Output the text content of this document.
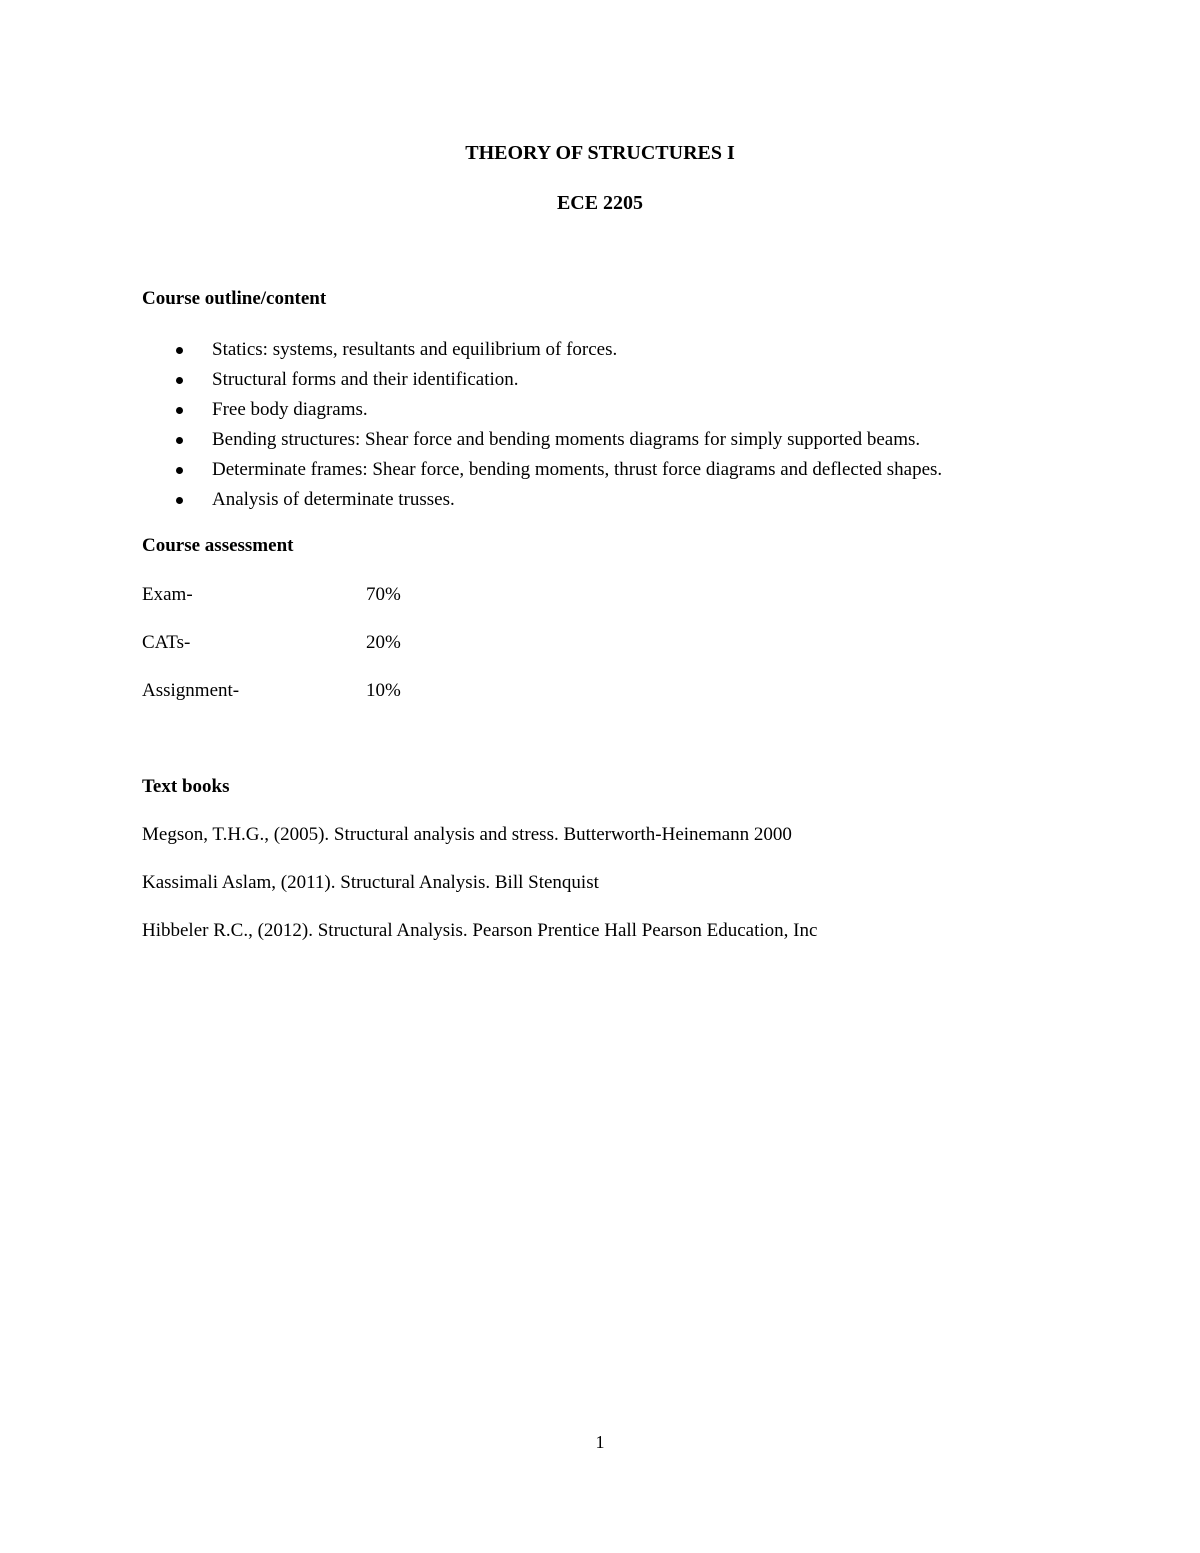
THEORY OF STRUCTURES I
ECE 2205
Course outline/content
Statics: systems, resultants and equilibrium of forces.
Structural forms and their identification.
Free body diagrams.
Bending structures: Shear force and bending moments diagrams for simply supported beams.
Determinate frames: Shear force, bending moments, thrust force diagrams and deflected shapes.
Analysis of determinate trusses.
Course assessment
Exam-	70%
CATs-	20%
Assignment-	10%
Text books

Megson, T.H.G., (2005). Structural analysis and stress. Butterworth-Heinemann 2000

Kassimali Aslam, (2011). Structural Analysis. Bill Stenquist

Hibbeler R.C., (2012). Structural Analysis. Pearson Prentice Hall Pearson Education, Inc

1
